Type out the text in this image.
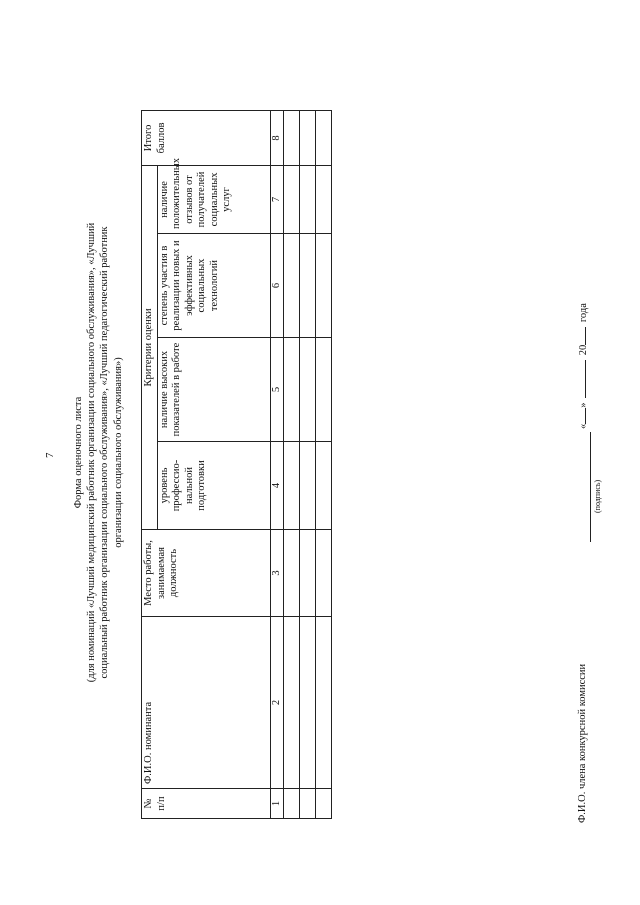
7 Форма оценочного листа (для номинаций «Лучший медицинский работник организации социального обслуживания», «Лучший социальный работник организации социального обслуживания», «Лучший педагогический работник организации социального обслуживания»)
№ п/п	Ф.И.О. номинанта	Место работы, занимаемая должность	Критерии оценки				Итого баллов
			уровень профессио-нальной подготовки	наличие высоких показателей в работе	степень участия в реализации новых и эффективных социальных технологий	наличие положительных отзывов от получателей социальных услуг	
1	2	3	4	5	6	7	8

Ф.И.О. члена конкурсной комиссии
(подпись)
«»  20 года
